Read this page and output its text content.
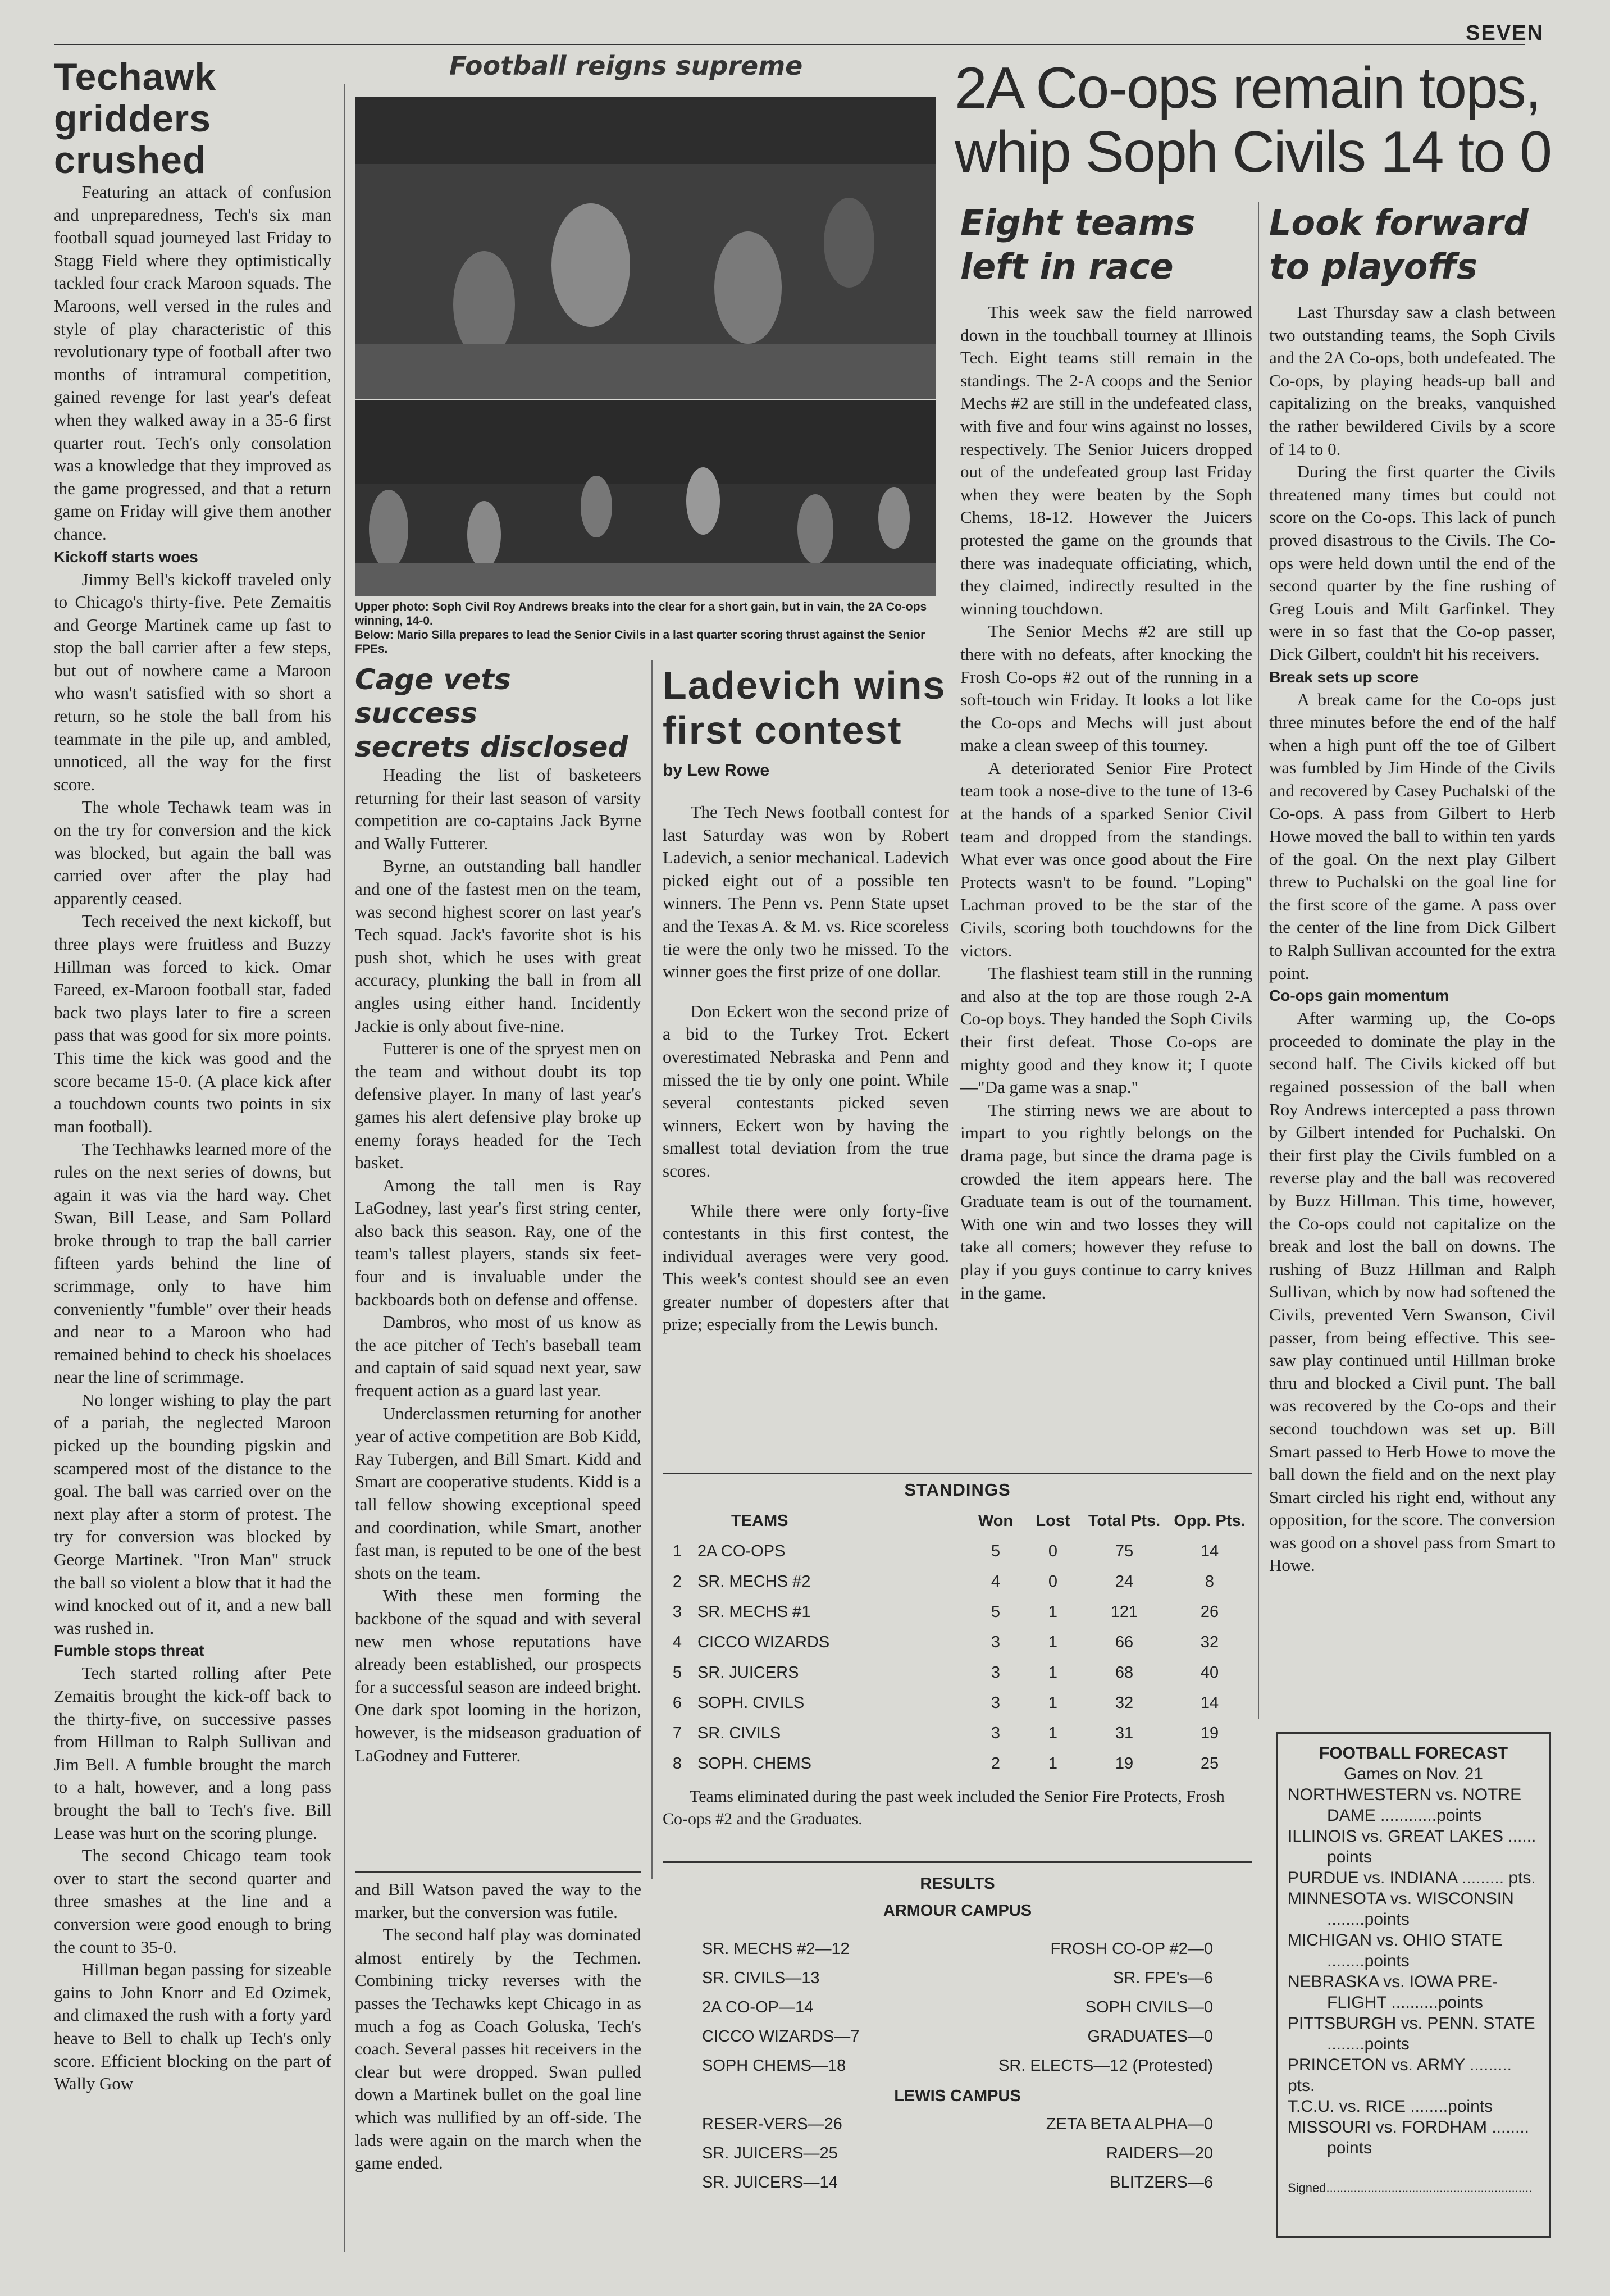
SEVEN
Techawk
gridders
crushed

Featuring an attack of confusion and unpreparedness, Tech's six man football squad journeyed last Friday to Stagg Field where they optimistically tackled four crack Maroon squads. The Maroons, well versed in the rules and style of play characteristic of this revolutionary type of football after two months of intramural competition, gained revenge for last year's defeat when they walked away in a 35-6 first quarter rout. Tech's only consolation was a knowledge that they improved as the game progressed, and that a return game on Friday will give them another chance.

Kickoff starts woes

Jimmy Bell's kickoff traveled only to Chicago's thirty-five. Pete Zemaitis and George Martinek came up fast to stop the ball carrier after a few steps, but out of nowhere came a Maroon who wasn't satisfied with so short a return, so he stole the ball from his teammate in the pile up, and ambled, unnoticed, all the way for the first score.

The whole Techawk team was in on the try for conversion and the kick was blocked, but again the ball was carried over after the play had apparently ceased.

Tech received the next kickoff, but three plays were fruitless and Buzzy Hillman was forced to kick. Omar Fareed, ex-Maroon football star, faded back two plays later to fire a screen pass that was good for six more points. This time the kick was good and the score became 15-0. (A place kick after a touchdown counts two points in six man football).

The Techhawks learned more of the rules on the next series of downs, but again it was via the hard way. Chet Swan, Bill Lease, and Sam Pollard broke through to trap the ball carrier fifteen yards behind the line of scrimmage, only to have him conveniently "fumble" over their heads and near to a Maroon who had remained behind to check his shoelaces near the line of scrimmage.

No longer wishing to play the part of a pariah, the neglected Maroon picked up the bounding pigskin and scampered most of the distance to the goal. The ball was carried over on the next play after a storm of protest. The try for conversion was blocked by George Martinek. "Iron Man" struck the ball so violent a blow that it had the wind knocked out of it, and a new ball was rushed in.

Fumble stops threat

Tech started rolling after Pete Zemaitis brought the kick-off back to the thirty-five, on successive passes from Hillman to Ralph Sullivan and Jim Bell. A fumble brought the march to a halt, however, and a long pass brought the ball to Tech's five. Bill Lease was hurt on the scoring plunge.

The second Chicago team took over to start the second quarter and three smashes at the line and a conversion were good enough to bring the count to 35-0.

Hillman began passing for sizeable gains to John Knorr and Ed Ozimek, and climaxed the rush with a forty yard heave to Bell to chalk up Tech's only score. Efficient blocking on the part of Wally Gow

Football reigns supreme
Upper photo: Soph Civil Roy Andrews breaks into the clear for a short gain, but in vain, the 2A Co-ops winning, 14-0.
Below: Mario Silla prepares to lead the Senior Civils in a last quarter scoring thrust against the Senior FPEs.
Cage vets success
secrets disclosed

Heading the list of basketeers returning for their last season of varsity competition are co-captains Jack Byrne and Wally Futterer.

Byrne, an outstanding ball handler and one of the fastest men on the team, was second highest scorer on last year's Tech squad. Jack's favorite shot is his push shot, which he uses with great accuracy, plunking the ball in from all angles using either hand. Incidently Jackie is only about five-nine.

Futterer is one of the spryest men on the team and without doubt its top defensive player. In many of last year's games his alert defensive play broke up enemy forays headed for the Tech basket.

Among the tall men is Ray LaGodney, last year's first string center, also back this season. Ray, one of the team's tallest players, stands six feet-four and is invaluable under the backboards both on defense and offense.

Dambros, who most of us know as the ace pitcher of Tech's baseball team and captain of said squad next year, saw frequent action as a guard last year.

Underclassmen returning for another year of active competition are Bob Kidd, Ray Tubergen, and Bill Smart. Kidd and Smart are cooperative students. Kidd is a tall fellow showing exceptional speed and coordination, while Smart, another fast man, is reputed to be one of the best shots on the team.

With these men forming the backbone of the squad and with several new men whose reputations have already been established, our prospects for a successful season are indeed bright. One dark spot looming in the horizon, however, is the midseason graduation of LaGodney and Futterer.

and Bill Watson paved the way to the marker, but the conversion was futile.

The second half play was dominated almost entirely by the Techmen. Combining tricky reverses with the passes the Techawks kept Chicago in as much a fog as Coach Goluska, Tech's coach. Several passes hit receivers in the clear but were dropped. Swan pulled down a Martinek bullet on the goal line which was nullified by an off-side. The lads were again on the march when the game ended.

Ladevich wins
first contest
by Lew Rowe

The Tech News football contest for last Saturday was won by Robert Ladevich, a senior mechanical. Ladevich picked eight out of a possible ten winners. The Penn vs. Penn State upset and the Texas A. & M. vs. Rice scoreless tie were the only two he missed. To the winner goes the first prize of one dollar.

Don Eckert won the second prize of a bid to the Turkey Trot. Eckert overestimated Nebraska and Penn and missed the tie by only one point. While several contestants picked seven winners, Eckert won by having the smallest total deviation from the true scores.

While there were only forty-five contestants in this first contest, the individual averages were very good. This week's contest should see an even greater number of dopesters after that prize; especially from the Lewis bunch.

2A Co-ops remain tops,
whip Soph Civils 14 to 0
Eight teams
left in race

This week saw the field narrowed down in the touchball tourney at Illinois Tech. Eight teams still remain in the standings. The 2-A coops and the Senior Mechs #2 are still in the undefeated class, with five and four wins against no losses, respectively. The Senior Juicers dropped out of the undefeated group last Friday when they were beaten by the Soph Chems, 18-12. However the Juicers protested the game on the grounds that there was inadequate officiating, which, they claimed, indirectly resulted in the winning touchdown.

The Senior Mechs #2 are still up there with no defeats, after knocking the Frosh Co-ops #2 out of the running in a soft-touch win Friday. It looks a lot like the Co-ops and Mechs will just about make a clean sweep of this tourney.

A deteriorated Senior Fire Protect team took a nose-dive to the tune of 13-6 at the hands of a sparked Senior Civil team and dropped from the standings. What ever was once good about the Fire Protects wasn't to be found. "Loping" Lachman proved to be the star of the Civils, scoring both touchdowns for the victors.

The flashiest team still in the running and also at the top are those rough 2-A Co-op boys. They handed the Soph Civils their first defeat. Those Co-ops are mighty good and they know it; I quote—"Da game was a snap."

The stirring news we are about to impart to you rightly belongs on the drama page, but since the drama page is crowded the item appears here. The Graduate team is out of the tournament. With one win and two losses they will take all comers; however they refuse to play if you guys continue to carry knives in the game.

Look forward
to playoffs

Last Thursday saw a clash between two outstanding teams, the Soph Civils and the 2A Co-ops, both undefeated. The Co-ops, by playing heads-up ball and capitalizing on the breaks, vanquished the rather bewildered Civils by a score of 14 to 0.

During the first quarter the Civils threatened many times but could not score on the Co-ops. This lack of punch proved disastrous to the Civils. The Co-ops were held down until the end of the second quarter by the fine rushing of Greg Louis and Milt Garfinkel. They were in so fast that the Co-op passer, Dick Gilbert, couldn't hit his receivers.

Break sets up score

A break came for the Co-ops just three minutes before the end of the half when a high punt off the toe of Gilbert was fumbled by Jim Hinde of the Civils and recovered by Casey Puchalski of the Co-ops. A pass from Gilbert to Herb Howe moved the ball to within ten yards of the goal. On the next play Gilbert threw to Puchalski on the goal line for the first score of the game. A pass over the center of the line from Dick Gilbert to Ralph Sullivan accounted for the extra point.

Co-ops gain momentum

After warming up, the Co-ops proceeded to dominate the play in the second half. The Civils kicked off but regained possession of the ball when Roy Andrews intercepted a pass thrown by Gilbert intended for Puchalski. On their first play the Civils fumbled on a reverse play and the ball was recovered by Buzz Hillman. This time, however, the Co-ops could not capitalize on the break and lost the ball on downs. The rushing of Buzz Hillman and Ralph Sullivan, which by now had softened the Civils, prevented Vern Swanson, Civil passer, from being effective. This see-saw play continued until Hillman broke thru and blocked a Civil punt. The ball was recovered by the Co-ops and their second touchdown was set up. Bill Smart passed to Herb Howe to move the ball down the field and on the next play Smart circled his right end, without any opposition, for the score. The conversion was good on a shovel pass from Smart to Howe.

STANDINGS
	TEAMS	Won	Lost	Total Pts.	Opp. Pts.
1	2A CO-OPS	5	0	75	14
2	SR. MECHS #2	4	0	24	8
3	SR. MECHS #1	5	1	121	26
4	CICCO WIZARDS	3	1	66	32
5	SR. JUICERS	3	1	68	40
6	SOPH. CIVILS	3	1	32	14
7	SR. CIVILS	3	1	31	19
8	SOPH. CHEMS	2	1	19	25
Teams eliminated during the past week included the Senior Fire Protects, Frosh Co-ops #2 and the Graduates.
RESULTS
ARMOUR CAMPUS
SR. MECHS #2—12	FROSH CO-OP #2—0
SR. CIVILS—13	SR. FPE's—6
2A CO-OP—14	SOPH CIVILS—0
CICCO WIZARDS—7	GRADUATES—0
SOPH CHEMS—18	SR. ELECTS—12 (Protested)
LEWIS CAMPUS
RESER-VERS—26	ZETA BETA ALPHA—0
SR. JUICERS—25	RAIDERS—20
SR. JUICERS—14	BLITZERS—6
FOOTBALL FORECAST
Games on Nov. 21
NORTHWESTERN vs. NOTRE
DAME ............points
ILLINOIS vs. GREAT LAKES ......
points
PURDUE vs. INDIANA ......... pts.
MINNESOTA vs. WISCONSIN
........points
MICHIGAN vs. OHIO STATE
........points
NEBRASKA vs. IOWA PRE-
FLIGHT ..........points
PITTSBURGH vs. PENN. STATE
........points
PRINCETON vs. ARMY ......... pts.
T.C.U. vs. RICE ........points
MISSOURI vs. FORDHAM ........
points
Signed............................................................
